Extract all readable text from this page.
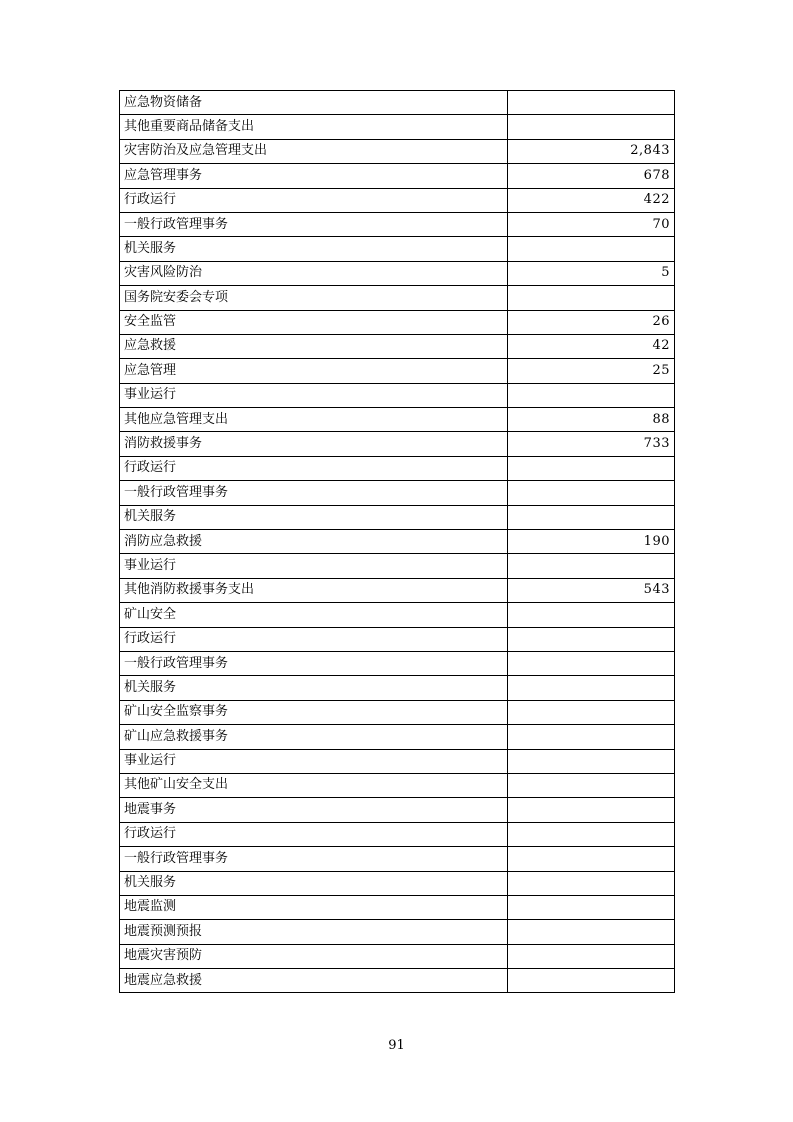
应急物资储备	
其他重要商品储备支出	
灾害防治及应急管理支出	2,843
应急管理事务	678
行政运行	422
一般行政管理事务	70
机关服务	
灾害风险防治	5
国务院安委会专项	
安全监管	26
应急救援	42
应急管理	25
事业运行	
其他应急管理支出	88
消防救援事务	733
行政运行	
一般行政管理事务	
机关服务	
消防应急救援	190
事业运行	
其他消防救援事务支出	543
矿山安全	
行政运行	
一般行政管理事务	
机关服务	
矿山安全监察事务	
矿山应急救援事务	
事业运行	
其他矿山安全支出	
地震事务	
行政运行	
一般行政管理事务	
机关服务	
地震监测	
地震预测预报	
地震灾害预防	
地震应急救援	
91
